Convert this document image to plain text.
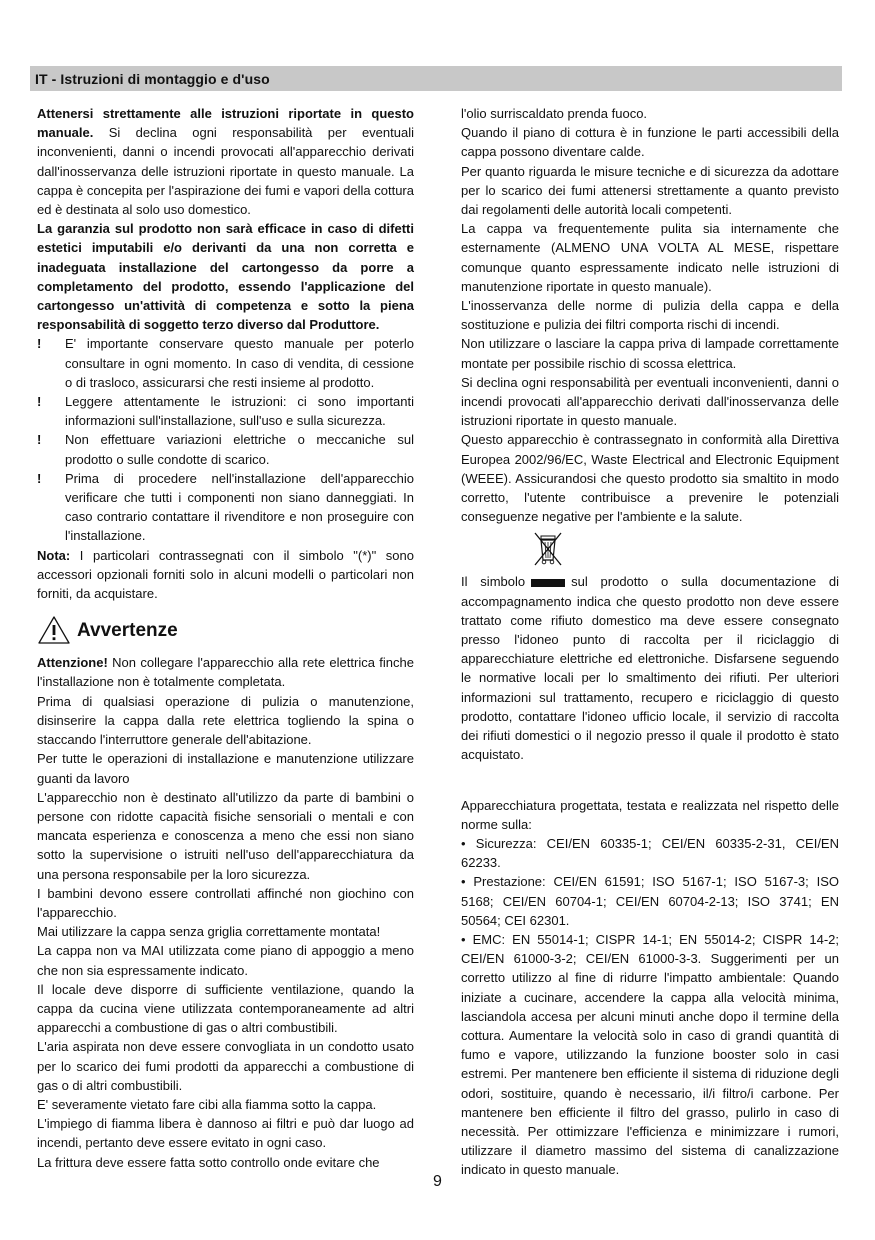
IT - Istruzioni di montaggio e d'uso

Attenersi strettamente alle istruzioni riportate in questo manuale. Si declina ogni responsabilità per eventuali inconvenienti, danni o incendi provocati all'apparecchio derivati dall'inosservanza delle istruzioni riportate in questo manuale. La cappa è concepita per l'aspirazione dei fumi e vapori della cottura ed è destinata al solo uso domestico.

La garanzia sul prodotto non sarà efficace in caso di difetti estetici imputabili e/o derivanti da una non corretta e inadeguata installazione del cartongesso da porre a completamento del prodotto, essendo l'applicazione del cartongesso un'attività di competenza e sotto la piena responsabilità di soggetto terzo diverso dal Produttore.

! E' importante conservare questo manuale per poterlo consultare in ogni momento. In caso di vendita, di cessione o di trasloco, assicurarsi che resti insieme al prodotto.
! Leggere attentamente le istruzioni: ci sono importanti informazioni sull'installazione, sull'uso e sulla sicurezza.
! Non effettuare variazioni elettriche o meccaniche sul prodotto o sulle condotte di scarico.
! Prima di procedere nell'installazione dell'apparecchio verificare che tutti i componenti non siano danneggiati. In caso contrario contattare il rivenditore e non proseguire con l'installazione.

Nota: I particolari contrassegnati con il simbolo "(*)" sono accessori opzionali forniti solo in alcuni modelli o particolari non forniti, da acquistare.

Avvertenze

Attenzione! Non collegare l'apparecchio alla rete elettrica finche l'installazione non è totalmente completata.

Prima di qualsiasi operazione di pulizia o manutenzione, disinserire la cappa dalla rete elettrica togliendo la spina o staccando l'interruttore generale dell'abitazione.

Per tutte le operazioni di installazione e manutenzione utilizzare guanti da lavoro

L'apparecchio non è destinato all'utilizzo da parte di bambini o persone con ridotte capacità fisiche sensoriali o mentali e con mancata esperienza e conoscenza a meno che essi non siano sotto la supervisione o istruiti nell'uso dell'apparecchiatura da una persona responsabile per la loro sicurezza.

I bambini devono essere controllati affinché non giochino con l'apparecchio.

Mai utilizzare la cappa senza griglia correttamente montata!

La cappa non va MAI utilizzata come piano di appoggio a meno che non sia espressamente indicato.

Il locale deve disporre di sufficiente ventilazione, quando la cappa da cucina viene utilizzata contemporaneamente ad altri apparecchi a combustione di gas o altri combustibili.

L'aria aspirata non deve essere convogliata in un condotto usato per lo scarico dei fumi prodotti da apparecchi a combustione di gas o di altri combustibili.

E' severamente vietato fare cibi alla fiamma sotto la cappa.

L'impiego di fiamma libera è dannoso ai filtri e può dar luogo ad incendi, pertanto deve essere evitato in ogni caso.

La frittura deve essere fatta sotto controllo onde evitare che

l'olio surriscaldato prenda fuoco.

Quando il piano di cottura è in funzione le parti accessibili della cappa possono diventare calde.

Per quanto riguarda le misure tecniche e di sicurezza da adottare per lo scarico dei fumi attenersi strettamente a quanto previsto dai regolamenti delle autorità locali competenti.

La cappa va frequentemente pulita sia internamente che esternamente (ALMENO UNA VOLTA AL MESE, rispettare comunque quanto espressamente indicato nelle istruzioni di manutenzione riportate in questo manuale).

L'inosservanza delle norme di pulizia della cappa e della sostituzione e pulizia dei filtri comporta rischi di incendi.

Non utilizzare o lasciare la cappa priva di lampade correttamente montate per possibile rischio di scossa elettrica.

Si declina ogni responsabilità per eventuali inconvenienti, danni o incendi provocati all'apparecchio derivati dall'inosservanza delle istruzioni riportate in questo manuale.

Questo apparecchio è contrassegnato in conformità alla Direttiva Europea 2002/96/EC, Waste Electrical and Electronic Equipment (WEEE). Assicurandosi che questo prodotto sia smaltito in modo corretto, l'utente contribuisce a prevenire le potenziali conseguenze negative per l'ambiente e la salute.

Il simbolo	sul prodotto o sulla documentazione di accompagnamento indica che questo prodotto non deve essere trattato come rifiuto domestico ma deve essere consegnato presso l'idoneo punto di raccolta per il riciclaggio di apparecchiature elettriche ed elettroniche. Disfarsene seguendo le normative locali per lo smaltimento dei rifiuti. Per ulteriori informazioni sul trattamento, recupero e riciclaggio di questo prodotto, contattare l'idoneo ufficio locale, il servizio di raccolta dei rifiuti domestici o il negozio presso il quale il prodotto è stato acquistato.

Apparecchiatura progettata, testata e realizzata nel rispetto delle norme sulla:

• Sicurezza: CEI/EN 60335-1; CEI/EN 60335-2-31, CEI/EN 62233.

• Prestazione: CEI/EN 61591; ISO 5167-1; ISO 5167-3; ISO 5168; CEI/EN 60704-1; CEI/EN 60704-2-13; ISO 3741; EN 50564; CEI 62301.

• EMC: EN 55014-1; CISPR 14-1; EN 55014-2; CISPR 14-2; CEI/EN 61000-3-2; CEI/EN 61000-3-3. Suggerimenti per un corretto utilizzo al fine di ridurre l'impatto ambientale: Quando iniziate a cucinare, accendere la cappa alla velocità minima, lasciandola accesa per alcuni minuti anche dopo il termine della cottura. Aumentare la velocità solo in caso di grandi quantità di fumo e vapore, utilizzando la funzione booster solo in casi estremi. Per mantenere ben efficiente il sistema di riduzione degli odori, sostituire, quando è necessario, il/i filtro/i carbone. Per mantenere ben efficiente il filtro del grasso, pulirlo in caso di necessità. Per ottimizzare l'efficienza e minimizzare i rumori, utilizzare il diametro massimo del sistema di canalizzazione indicato in questo manuale.

9
